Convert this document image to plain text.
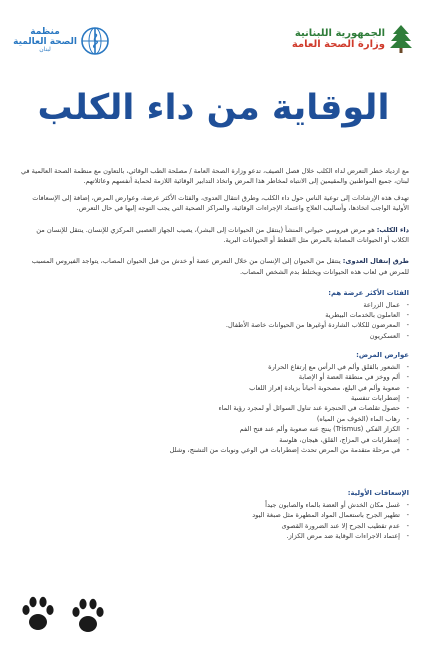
الجمهورية اللبنانية
وزارة الصحة العامة
منظمة
الصحة العالمية
لبنان
الوقاية من داء الكلب

مع ازدياد خطر التعرض لداء الكلب خلال فصل الصيف، تدعو وزارة الصحة العامة / مصلحة الطب الوقائي، بالتعاون مع منظمة الصحة العالمية في لبنان، جميع المواطنين والمقيمين إلى الانتباه لمخاطر هذا المرض واتخاذ التدابير الوقائية اللازمة لحماية أنفسهم وعائلاتهم.

تهدف هذه الإرشادات إلى توعية الناس حول داء الكلب، وطرق انتقال العدوى، والفئات الأكثر عرضة، وعوارض المرض، إضافة إلى الإسعافات الأولية الواجب اتخاذها، وأساليب العلاج واعتماد الإجراءات الوقائية، والمراكز الصحية التي يجب التوجه إليها في حال التعرض.

داء الكلب: هو مرض فيروسي حيواني المنشأ (ينتقل من الحيوانات إلى البشر)، يصيب الجهاز العصبي المركزي للإنسان. ينتقل للإنسان من الكلاب أو الحيوانات المصابة بالمرض مثل القطط أو الحيوانات البرية.

طرق إنتقال العدوى: ينتقل من الحيوان إلى الإنسان من خلال التعرض عضة أو خدش من قبل الحيوان المصاب، يتواجد الفيروس المسبب للمرض في لعاب هذه الحيوانات ويختلط بدم الشخص المصاب.

الفئات الأكثر عرضة هم:
- عمال الزراعة
- العاملون بالخدمات البيطرية
- المعرضون للكلاب الشاردة أوغيرها من الحيوانات خاصة الأطفال.
- العسكريون
عوارض المرض:
- الشعور بالقلق وألم في الرأس مع إرتفاع الحرارة
- ألم ووخز في منطقة العضة أو الإصابة
- صعوبة وألم في البلع، مصحوبة أحياناً بزيادة إفراز اللعاب
- إضطرابات تنفسية
- حصول تقلصات في الحنجرة عند تناول السوائل أو لمجرد رؤية الماء
- رهاب الماء (الخوف من المياه)
- الكزاز الفكي (Trismus) ينتج عنه صعوبة وألم عند فتح الفم
- إضطرابات في المزاج، القلق، هيجان، هلوسة
- في مرحلة متقدمة من المرض تحدث إضطرابات في الوعي ونوبات من التشنج، وشلل
الإسعافات الأولية:
- غسل مكان الخدش أو العضة بالماء والصابون جيداً
- تطهير الجرح باستعمال المواد المطهرة مثل صبغة اليود
- عدم تقطيب الجرح إلا عند الضرورة القصوى
- إعتماد الاجراءات الوقاية ضد مرض الكزاز.
